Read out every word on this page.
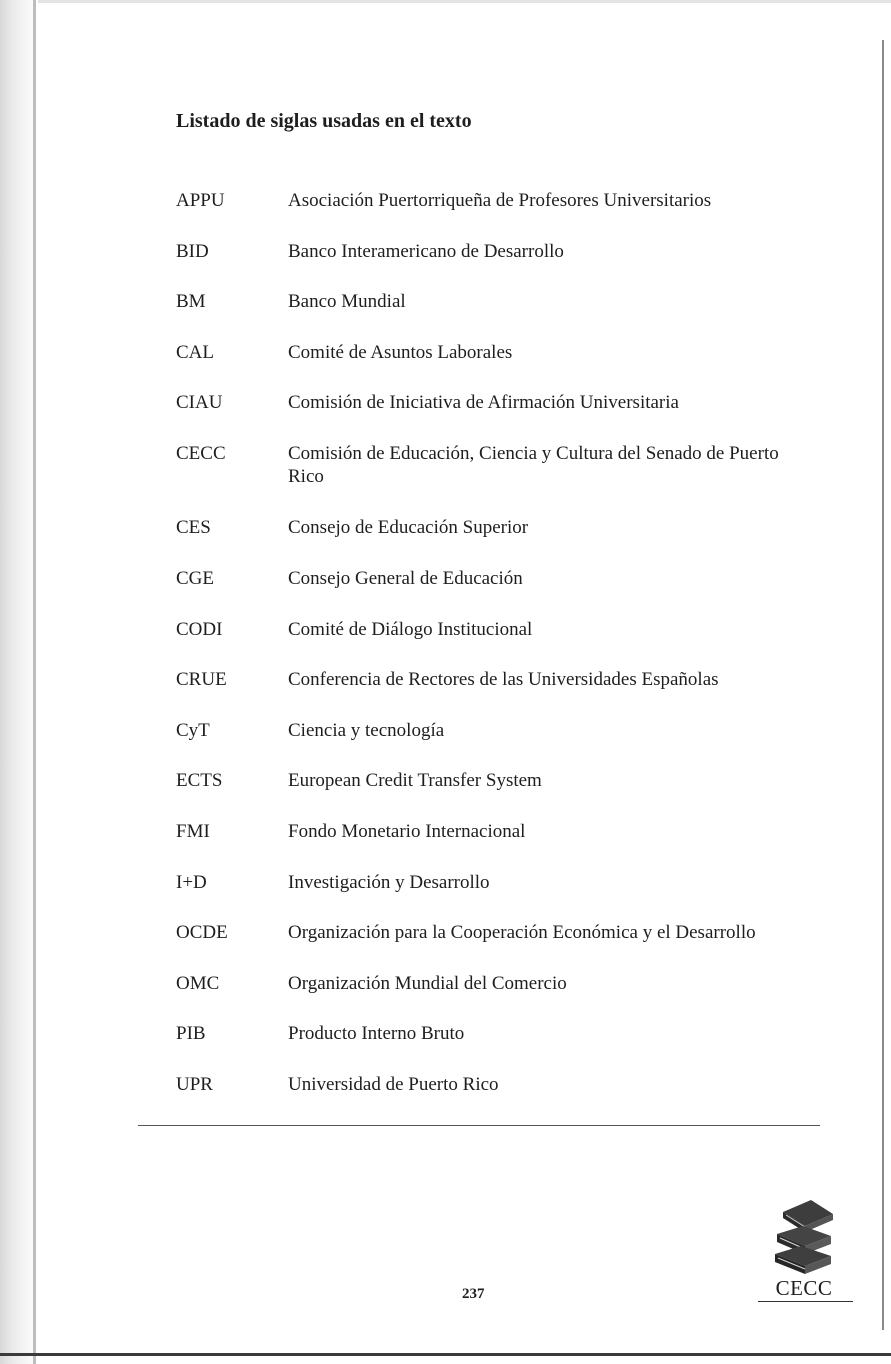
Listado de siglas usadas en el texto
APPU	Asociación Puertorriqueña de Profesores Universitarios
BID	Banco Interamericano de Desarrollo
BM	Banco Mundial
CAL	Comité de Asuntos Laborales
CIAU	Comisión de Iniciativa de Afirmación Universitaria
CECC	Comisión de Educación, Ciencia y Cultura del Senado de Puerto Rico
CES	Consejo de Educación Superior
CGE	Consejo General de Educación
CODI	Comité de Diálogo Institucional
CRUE	Conferencia de Rectores de las Universidades Españolas
CyT	Ciencia y tecnología
ECTS	European Credit Transfer System
FMI	Fondo Monetario Internacional
I+D	Investigación y Desarrollo
OCDE	Organización para la Cooperación Económica y el Desarrollo
OMC	Organización Mundial del Comercio
PIB	Producto Interno Bruto
UPR	Universidad de Puerto Rico
237	CECC
